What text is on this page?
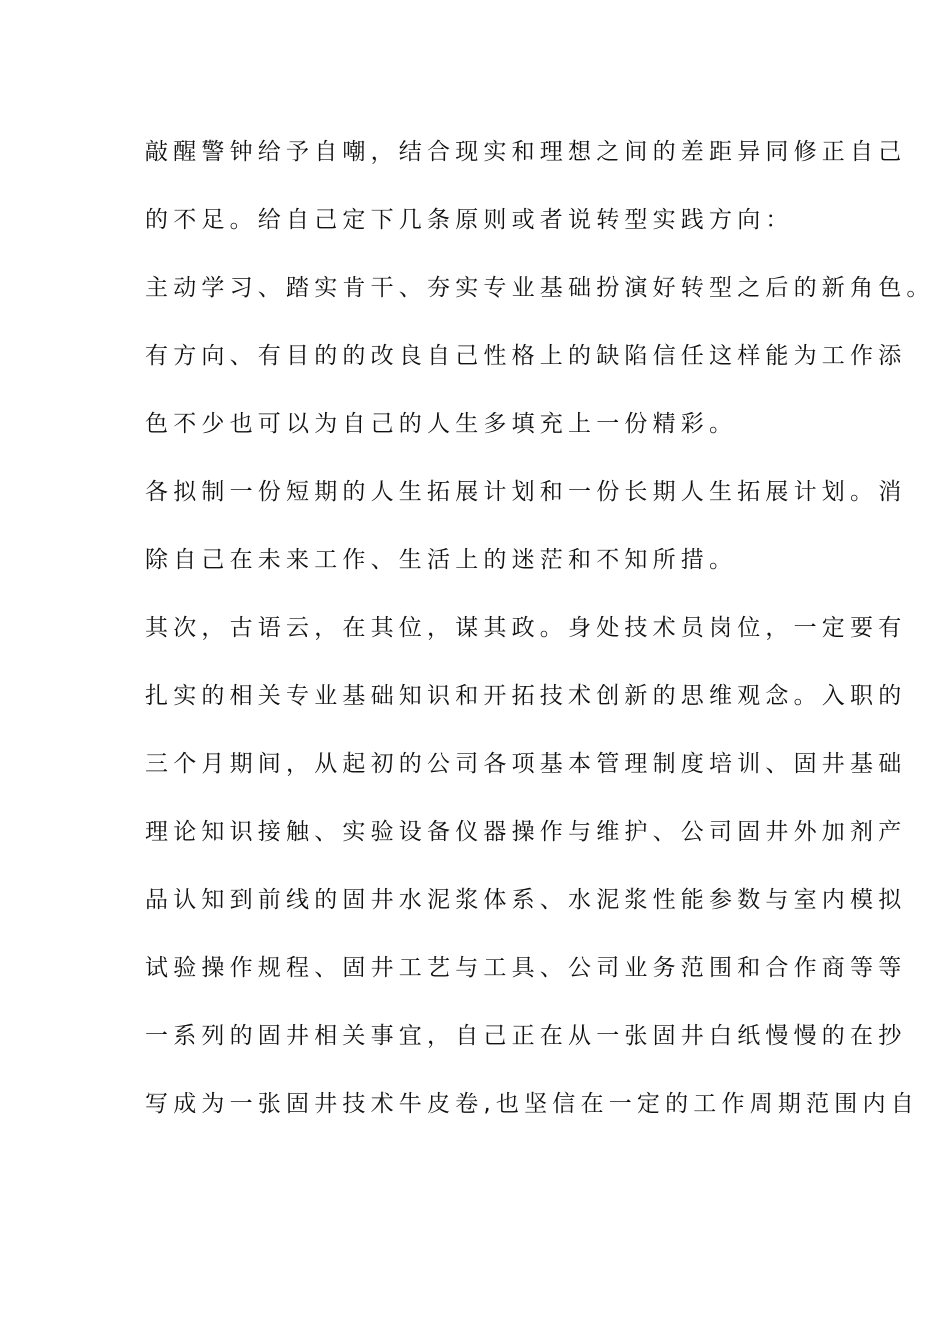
敲醒警钟给予自嘲，结合现实和理想之间的差距异同修正自己
的不足。给自己定下几条原则或者说转型实践方向：
主动学习、踏实肯干、夯实专业基础扮演好转型之后的新角色。
有方向、有目的的改良自己性格上的缺陷信任这样能为工作添
色不少也可以为自己的人生多填充上一份精彩。
各拟制一份短期的人生拓展计划和一份长期人生拓展计划。消
除自己在未来工作、生活上的迷茫和不知所措。
其次，古语云，在其位，谋其政。身处技术员岗位，一定要有
扎实的相关专业基础知识和开拓技术创新的思维观念。入职的
三个月期间，从起初的公司各项基本管理制度培训、固井基础
理论知识接触、实验设备仪器操作与维护、公司固井外加剂产
品认知到前线的固井水泥浆体系、水泥浆性能参数与室内模拟
试验操作规程、固井工艺与工具、公司业务范围和合作商等等
一系列的固井相关事宜，自己正在从一张固井白纸慢慢的在抄
写成为一张固井技术牛皮卷,也坚信在一定的工作周期范围内自
